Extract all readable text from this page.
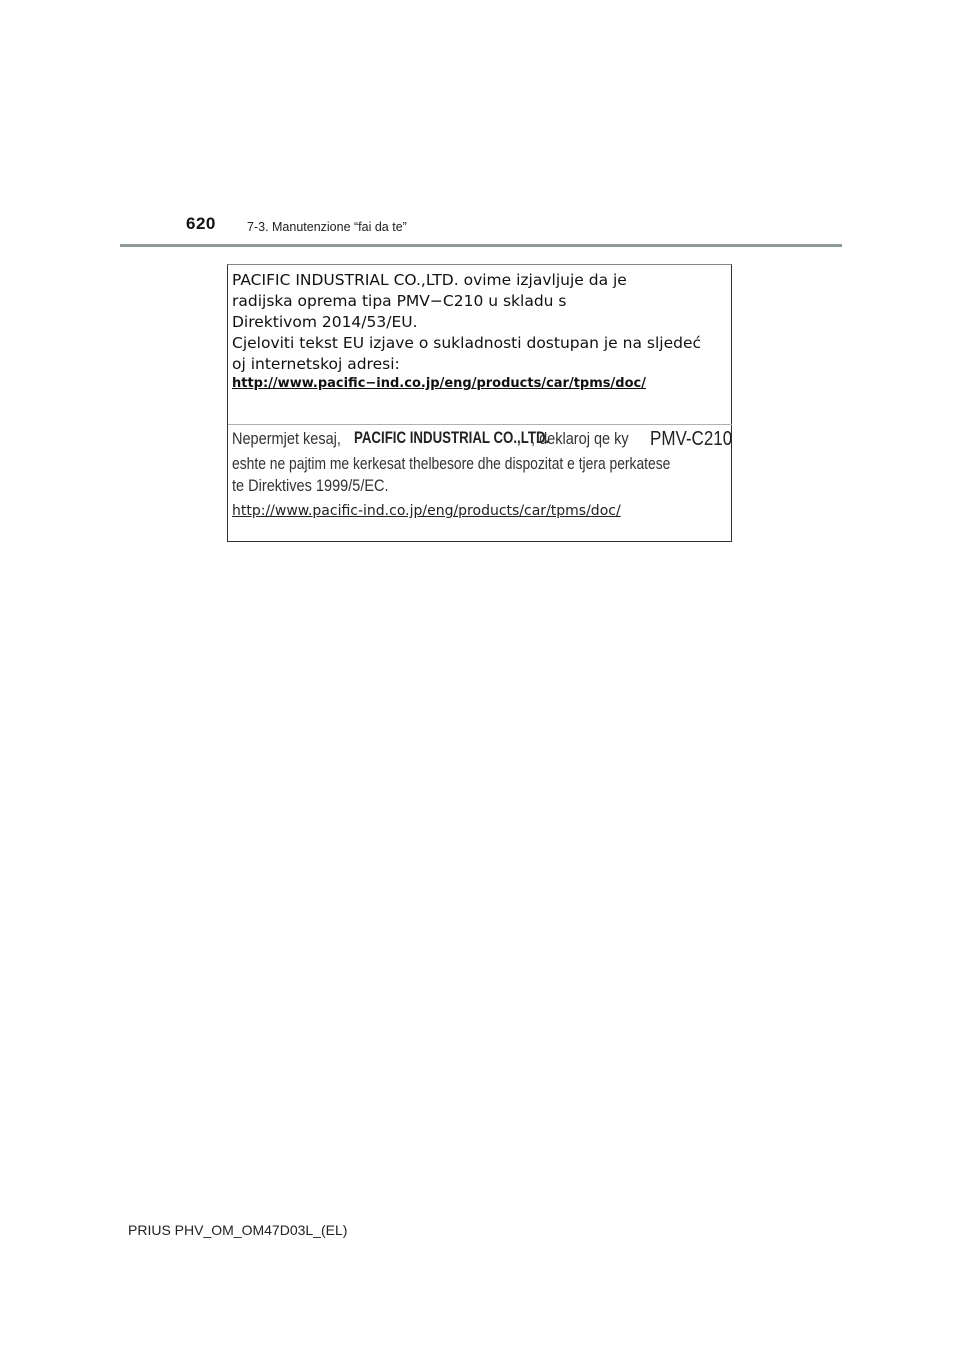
620 7-3. Manutenzione “fai da te”
PACIFIC INDUSTRIAL CO.,LTD. ovime izjavljuje da je
radijska oprema tipa PMV−C210 u skladu s
Direktivom 2014/53/EU.
Cjeloviti tekst EU izjave o sukladnosti dostupan je na sljedeć
oj internetskoj adresi:
http://www.pacific−ind.co.jp/eng/products/car/tpms/doc/
Nepermjet kesaj, PACIFIC INDUSTRIAL CO.,LTD.
, deklaroj qe ky PMV-C210
eshte ne pajtim me kerkesat thelbesore dhe dispozitat e tjera perkatese
te Direktives 1999/5/EC.
http://www.pacific-ind.co.jp/eng/products/car/tpms/doc/
PRIUS PHV_OM_OM47D03L_(EL)
